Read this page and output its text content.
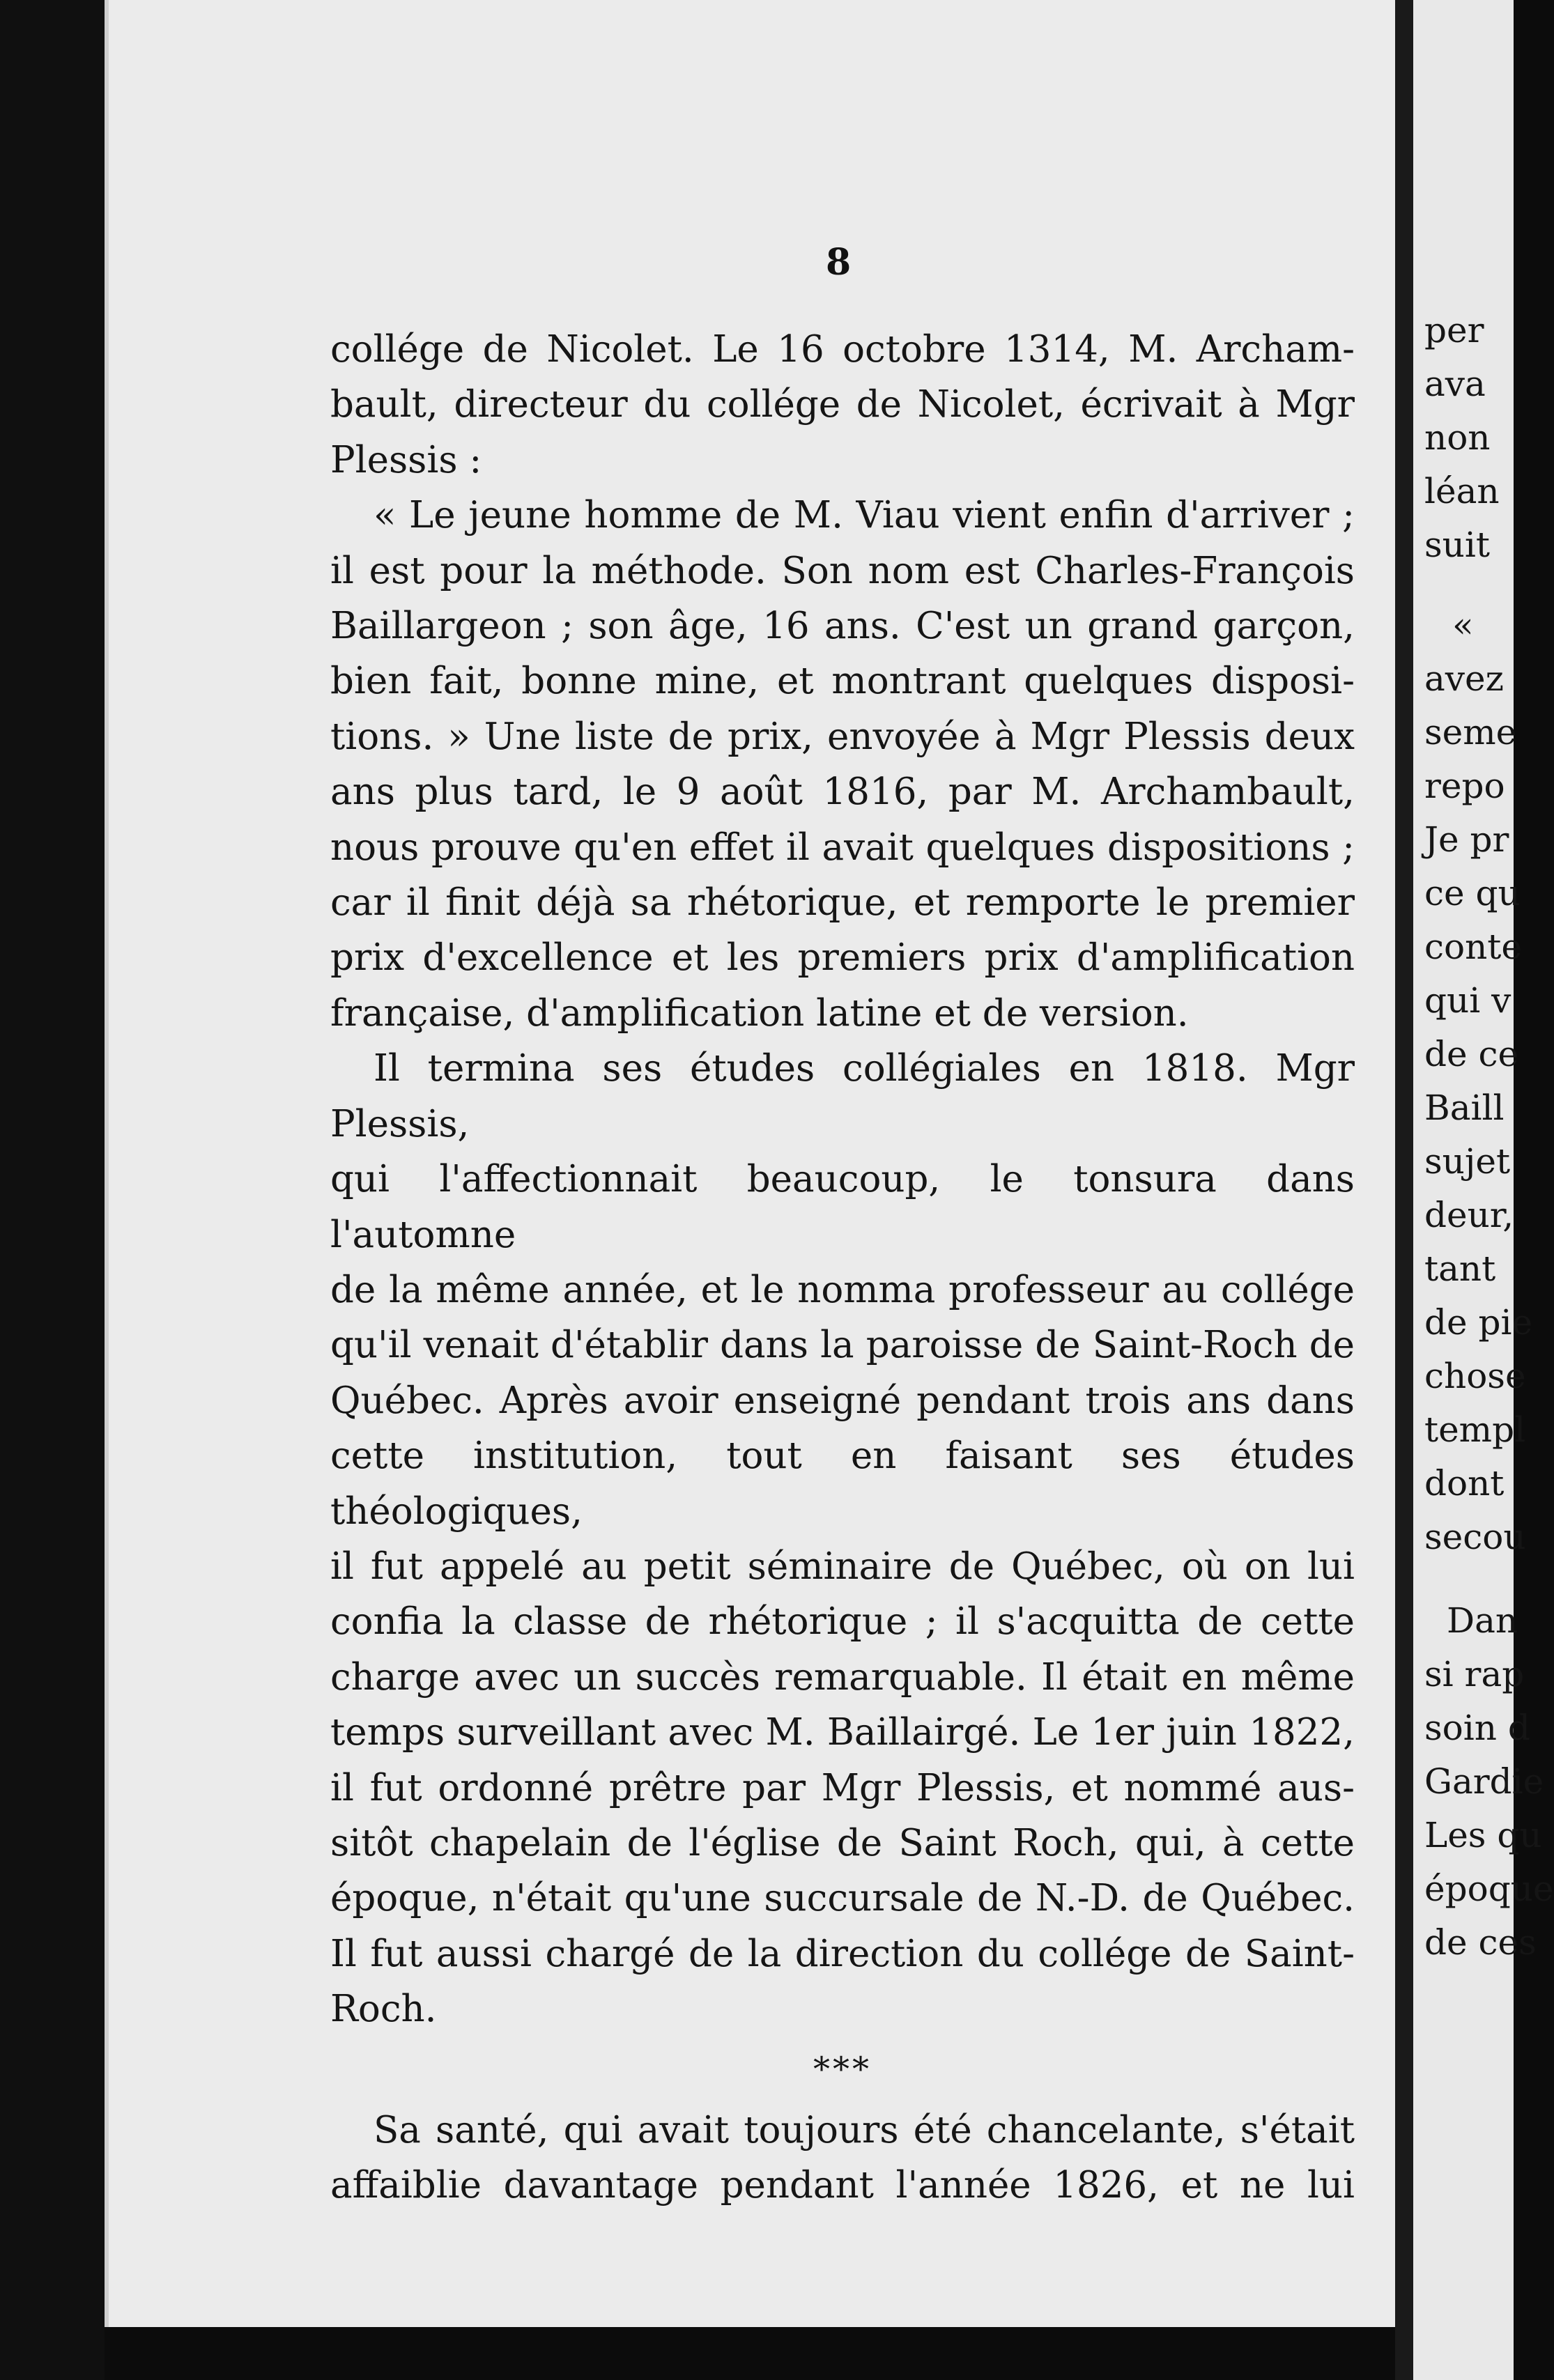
8

collége de Nicolet. Le 16 octobre 1314, M. Archam-

bault, directeur du collége de Nicolet, écrivait à Mgr

Plessis :

« Le jeune homme de M. Viau vient enfin d'arriver ;

il est pour la méthode. Son nom est Charles-François

Baillargeon ; son âge, 16 ans. C'est un grand garçon,

bien fait, bonne mine, et montrant quelques disposi-

tions. » Une liste de prix, envoyée à Mgr Plessis deux

ans plus tard, le 9 août 1816, par M. Archambault,

nous prouve qu'en effet il avait quelques dispositions ;

car il finit déjà sa rhétorique, et remporte le premier

prix d'excellence et les premiers prix d'amplification

française, d'amplification latine et de version.

Il termina ses études collégiales en 1818. Mgr Plessis,

qui l'affectionnait beaucoup, le tonsura dans l'automne

de la même année, et le nomma professeur au collége

qu'il venait d'établir dans la paroisse de Saint-Roch de

Québec. Après avoir enseigné pendant trois ans dans

cette institution, tout en faisant ses études théologiques,

il fut appelé au petit séminaire de Québec, où on lui

confia la classe de rhétorique ; il s'acquitta de cette

charge avec un succès remarquable. Il était en même

temps surveillant avec M. Baillairgé. Le 1er juin 1822,

il fut ordonné prêtre par Mgr Plessis, et nommé aus-

sitôt chapelain de l'église de Saint Roch, qui, à cette

époque, n'était qu'une succursale de N.-D. de Québec.

Il fut aussi chargé de la direction du collége de Saint-

Roch.

***

Sa santé, qui avait toujours été chancelante, s'était

affaiblie davantage pendant l'année 1826, et ne lui

per
ava
non
léan
suit
«
avez
seme
repo
Je pr
ce qu
conte
qui v
de ce
Baill
sujet
deur,
tant
de pie
chose
templ
dont
secou
Dan
si rap
soin d
Gardie
Les qu
époque
de ces
